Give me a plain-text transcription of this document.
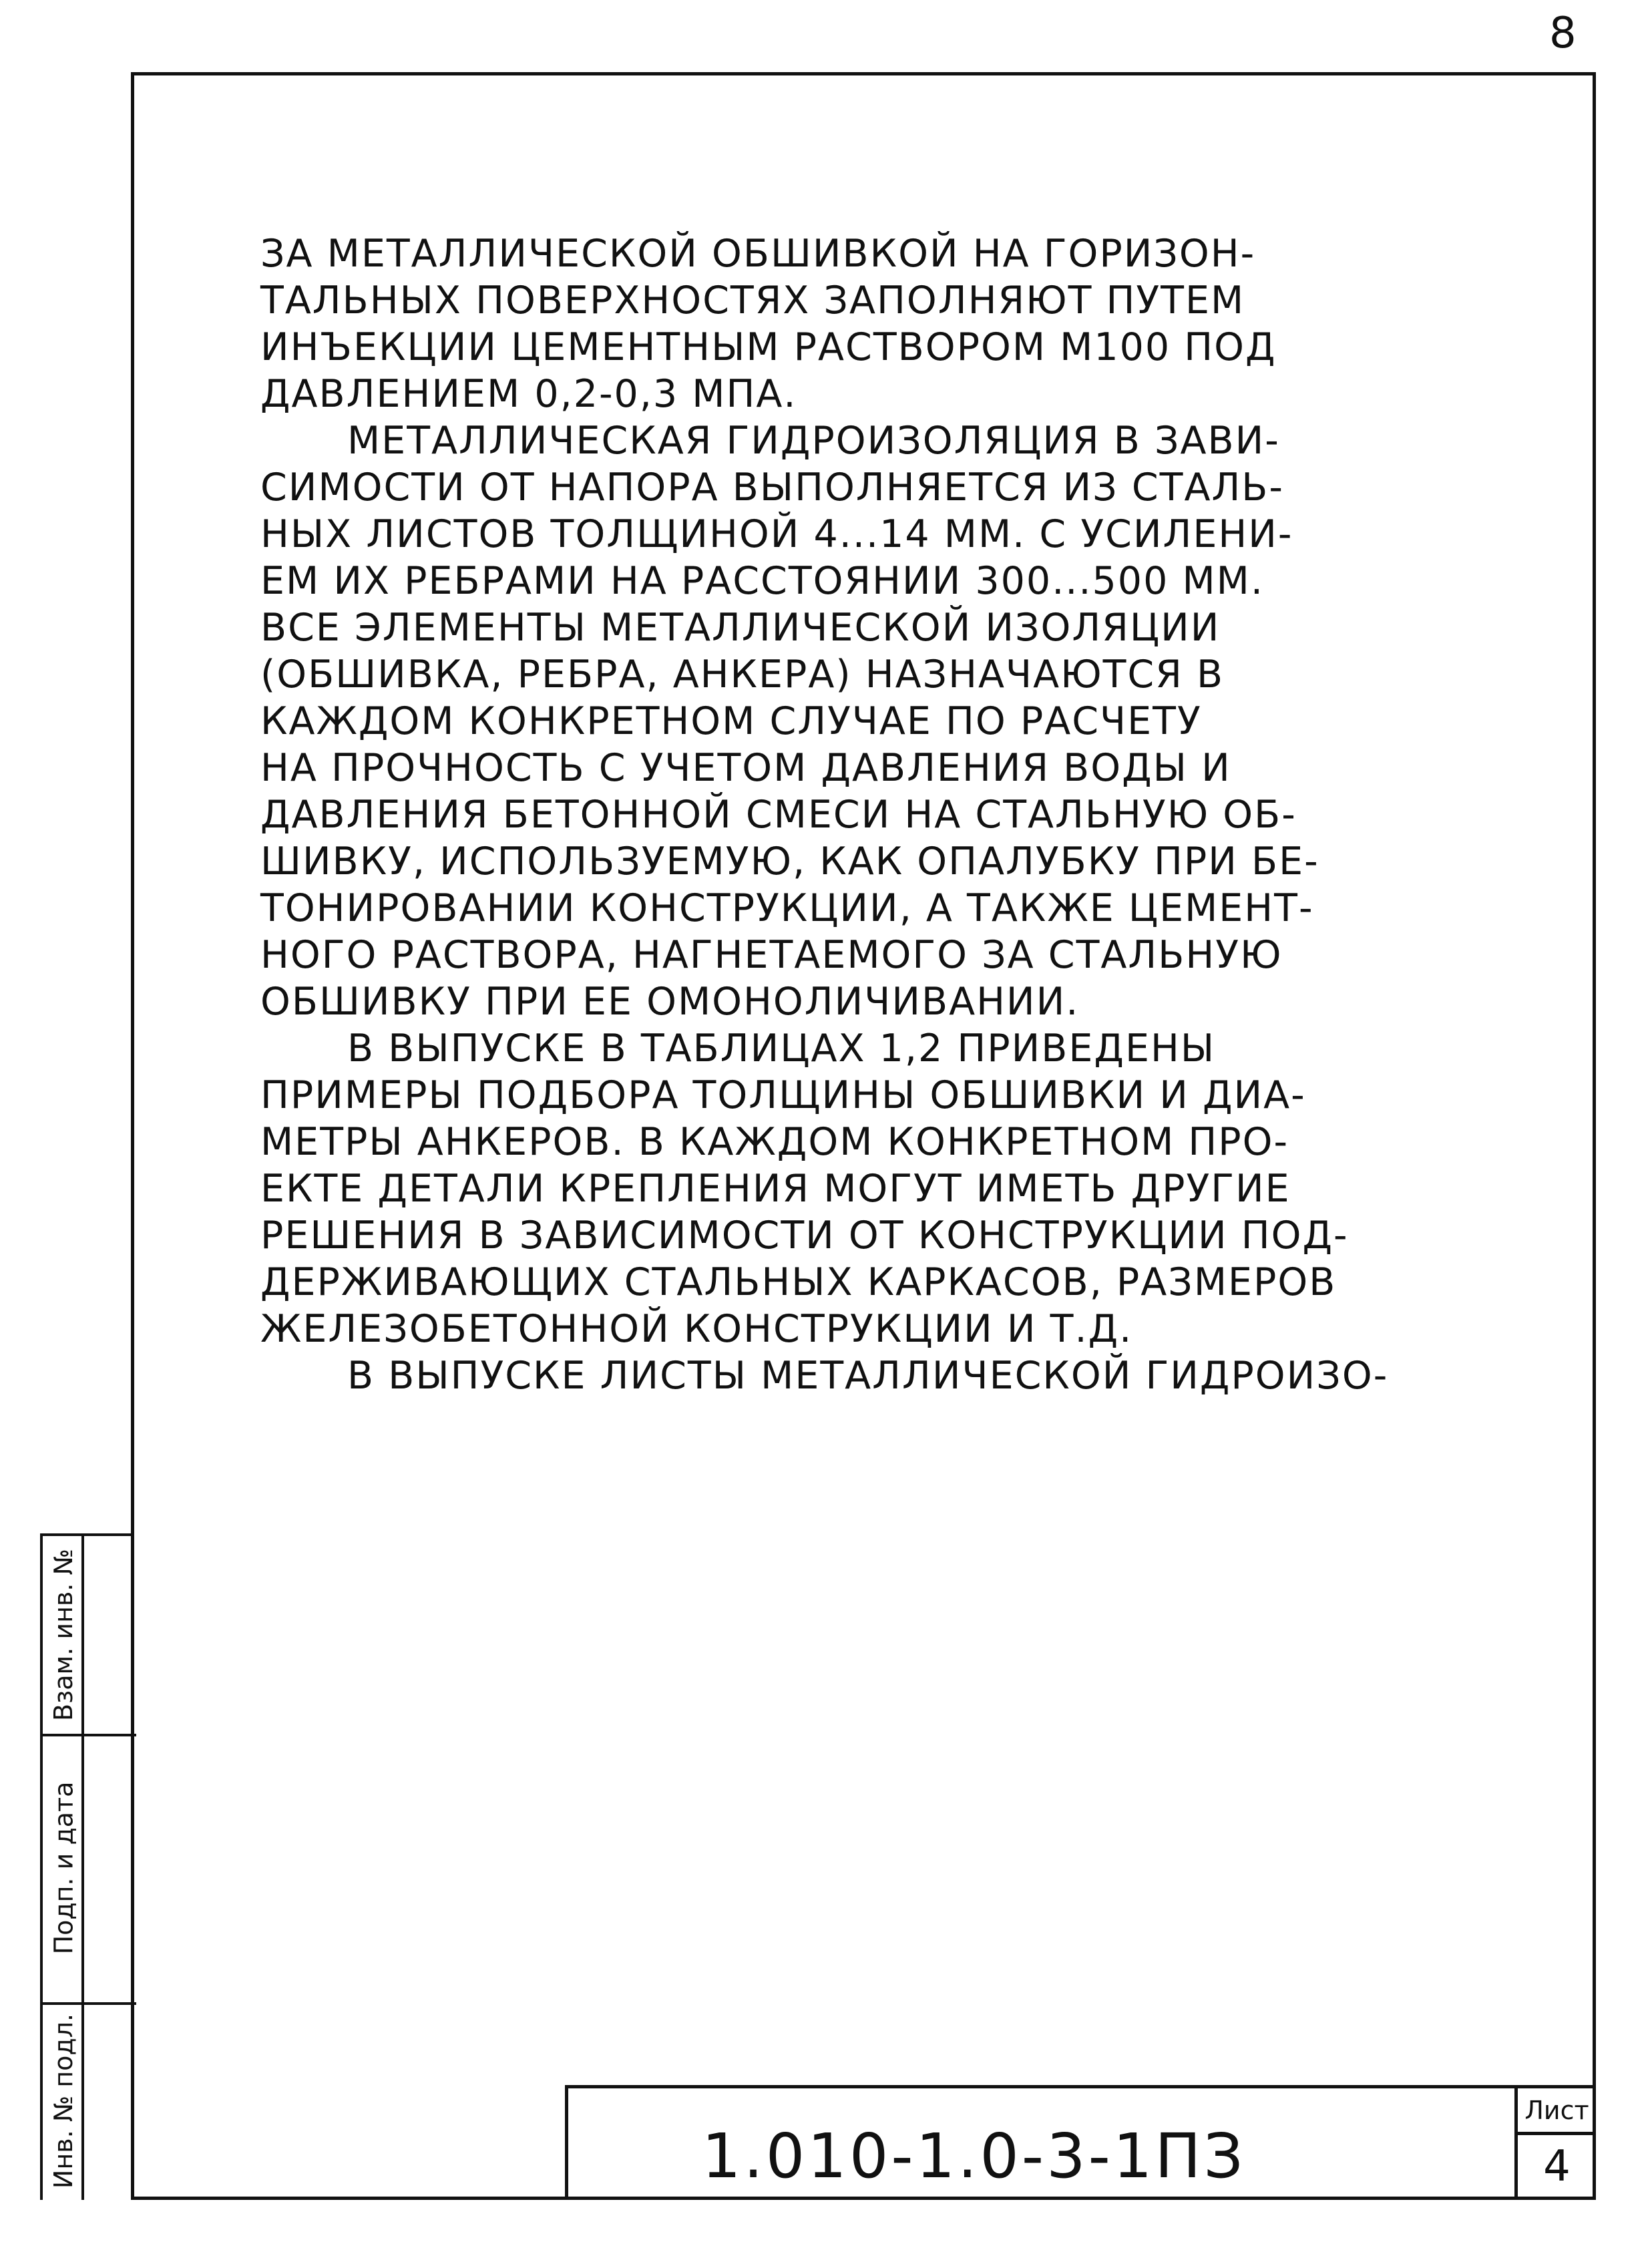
8

ЗА МЕТАЛЛИЧЕСКОЙ ОБШИВКОЙ НА ГОРИЗОН-

ТАЛЬНЫХ ПОВЕРХНОСТЯХ ЗАПОЛНЯЮТ ПУТЕМ

ИНЪЕКЦИИ ЦЕМЕНТНЫМ РАСТВОРОМ М100 ПОД

ДАВЛЕНИЕМ 0,2-0,3 МПА.

МЕТАЛЛИЧЕСКАЯ ГИДРОИЗОЛЯЦИЯ В ЗАВИ-

СИМОСТИ ОТ НАПОРА ВЫПОЛНЯЕТСЯ ИЗ СТАЛЬ-

НЫХ ЛИСТОВ ТОЛЩИНОЙ 4...14 ММ. С УСИЛЕНИ-

ЕМ ИХ РЕБРАМИ НА РАССТОЯНИИ 300...500 ММ.

ВСЕ ЭЛЕМЕНТЫ МЕТАЛЛИЧЕСКОЙ ИЗОЛЯЦИИ

(ОБШИВКА, РЕБРА, АНКЕРА) НАЗНАЧАЮТСЯ В

КАЖДОМ КОНКРЕТНОМ СЛУЧАЕ ПО РАСЧЕТУ

НА ПРОЧНОСТЬ С УЧЕТОМ ДАВЛЕНИЯ ВОДЫ И

ДАВЛЕНИЯ БЕТОННОЙ СМЕСИ НА СТАЛЬНУЮ ОБ-

ШИВКУ, ИСПОЛЬЗУЕМУЮ, КАК ОПАЛУБКУ ПРИ БЕ-

ТОНИРОВАНИИ КОНСТРУКЦИИ, А ТАКЖЕ ЦЕМЕНТ-

НОГО РАСТВОРА, НАГНЕТАЕМОГО ЗА СТАЛЬНУЮ

ОБШИВКУ ПРИ ЕЕ ОМОНОЛИЧИВАНИИ.

В ВЫПУСКЕ В ТАБЛИЦАХ 1,2 ПРИВЕДЕНЫ

ПРИМЕРЫ ПОДБОРА ТОЛЩИНЫ ОБШИВКИ И ДИА-

МЕТРЫ АНКЕРОВ. В КАЖДОМ КОНКРЕТНОМ ПРО-

ЕКТЕ ДЕТАЛИ КРЕПЛЕНИЯ МОГУТ ИМЕТЬ ДРУГИЕ

РЕШЕНИЯ В ЗАВИСИМОСТИ ОТ КОНСТРУКЦИИ ПОД-

ДЕРЖИВАЮЩИХ СТАЛЬНЫХ КАРКАСОВ, РАЗМЕРОВ

ЖЕЛЕЗОБЕТОННОЙ КОНСТРУКЦИИ И Т.Д.

В ВЫПУСКЕ ЛИСТЫ МЕТАЛЛИЧЕСКОЙ ГИДРОИЗО-

Взам. инв. №
Подп. и дата
Инв. № подл.	1.010-1.0-3-1ПЗ
Лист
4
